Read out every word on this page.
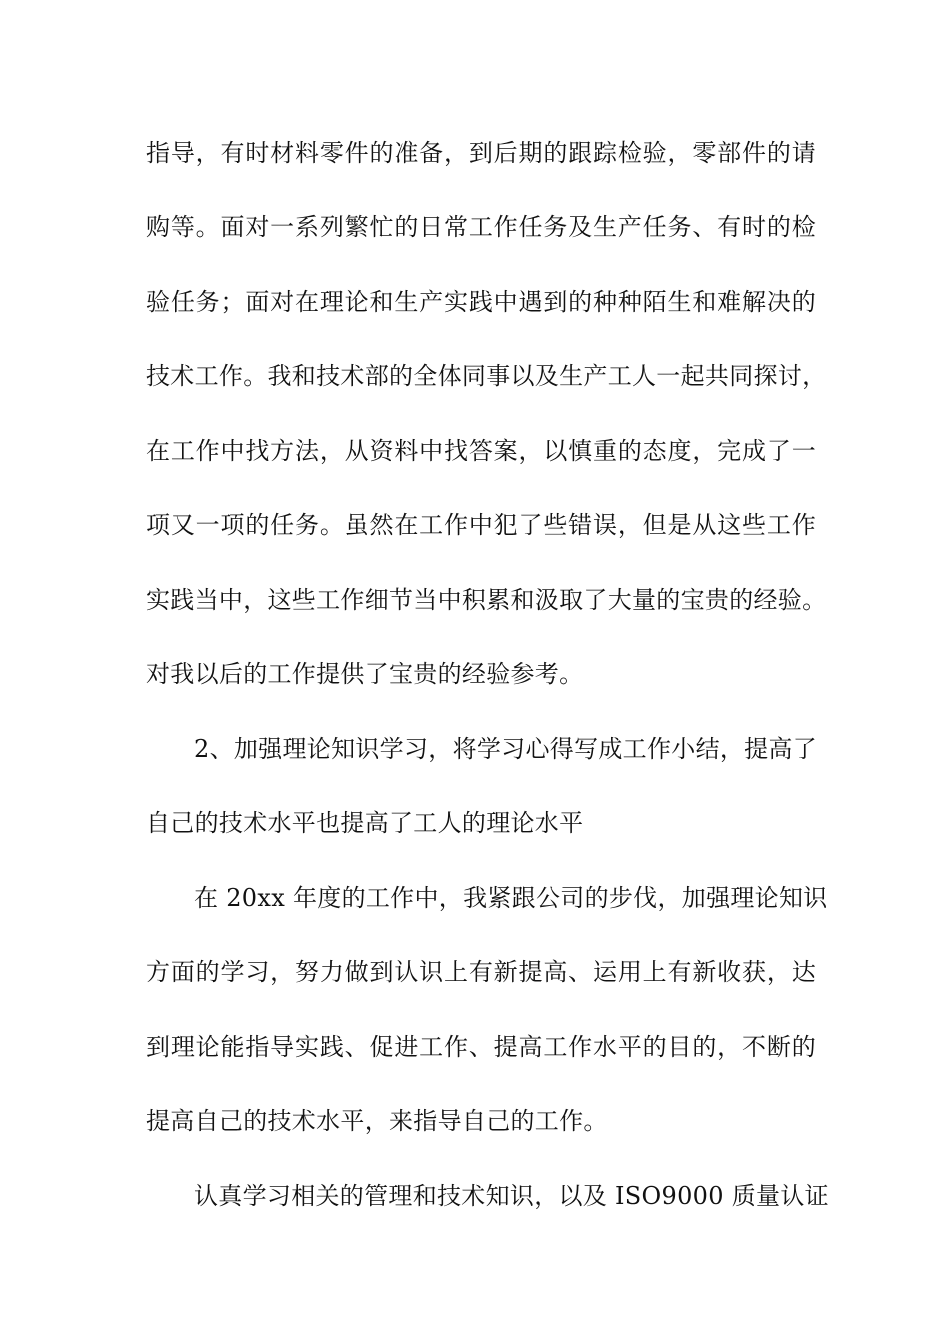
指导，有时材料零件的准备，到后期的跟踪检验，零部件的请
购等。面对一系列繁忙的日常工作任务及生产任务、有时的检
验任务；面对在理论和生产实践中遇到的种种陌生和难解决的
技术工作。我和技术部的全体同事以及生产工人一起共同探讨，
在工作中找方法，从资料中找答案，以慎重的态度，完成了一
项又一项的任务。虽然在工作中犯了些错误，但是从这些工作
实践当中，这些工作细节当中积累和汲取了大量的宝贵的经验。
对我以后的工作提供了宝贵的经验参考。
2、加强理论知识学习，将学习心得写成工作小结，提高了
自己的技术水平也提高了工人的理论水平
在 20xx 年度的工作中，我紧跟公司的步伐，加强理论知识
方面的学习，努力做到认识上有新提高、运用上有新收获，达
到理论能指导实践、促进工作、提高工作水平的目的，不断的
提高自己的技术水平，来指导自己的工作。
认真学习相关的管理和技术知识，以及 ISO9000 质量认证
